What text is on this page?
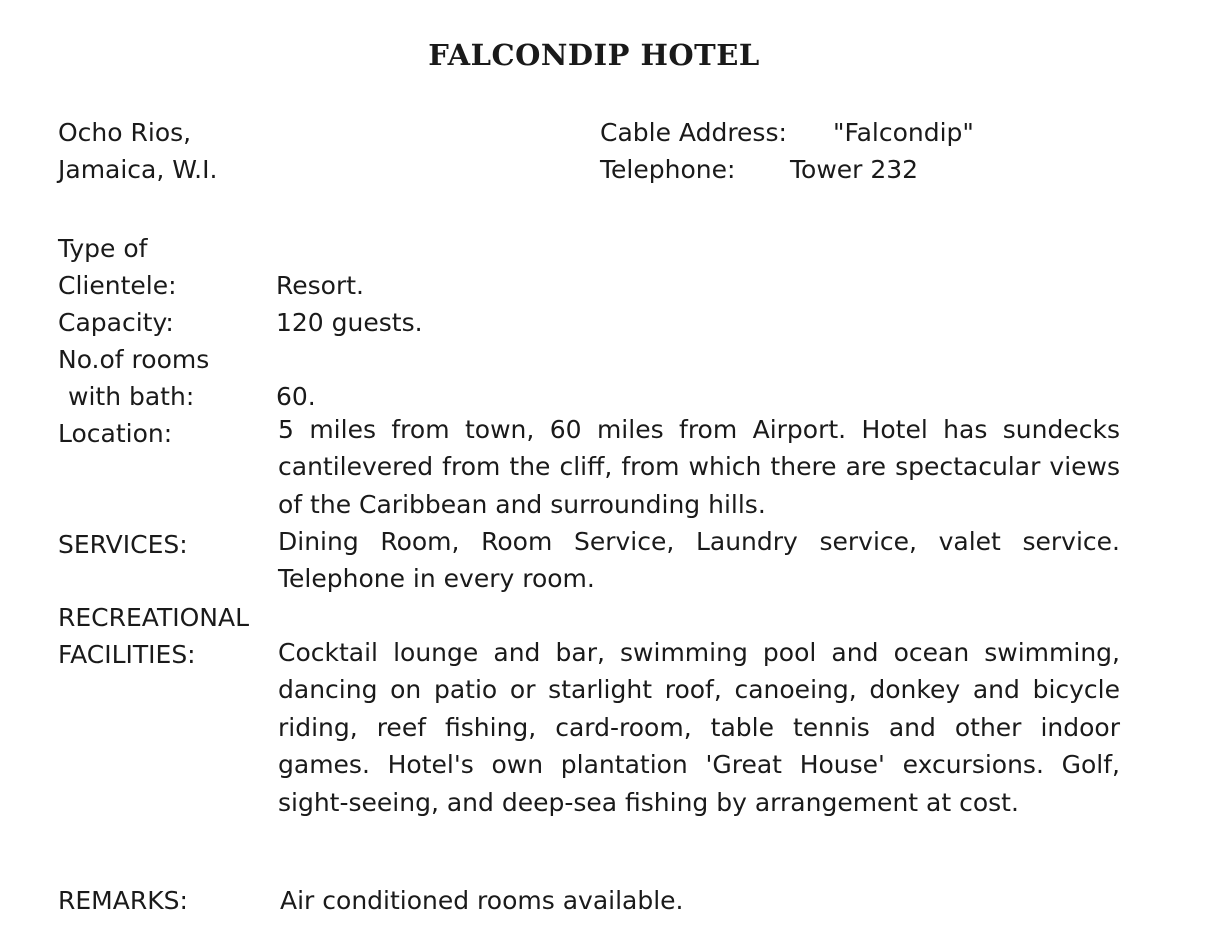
FALCONDIP HOTEL
Ocho Rios,	Cable Address: "Falcondip"
Jamaica, W.I.	Telephone: Tower 232
Type of
Clientele:	Resort.
Capacity:	120 guests.
No.of rooms
with bath:	60.
Location:	5 miles from town, 60 miles from Airport. Hotel has sundecks cantilevered from the cliff, from which there are spectacular views of the Caribbean and surrounding hills.
SERVICES:	Dining Room, Room Service, Laundry service, valet service. Telephone in every room.
RECREATIONAL
FACILITIES:	Cocktail lounge and bar, swimming pool and ocean swimming, dancing on patio or starlight roof, canoeing, donkey and bicycle riding, reef fishing, card-room, table tennis and other indoor games. Hotel's own plantation 'Great House' excursions. Golf, sight-seeing, and deep-sea fishing by arrangement at cost.
REMARKS:	Air conditioned rooms available.
